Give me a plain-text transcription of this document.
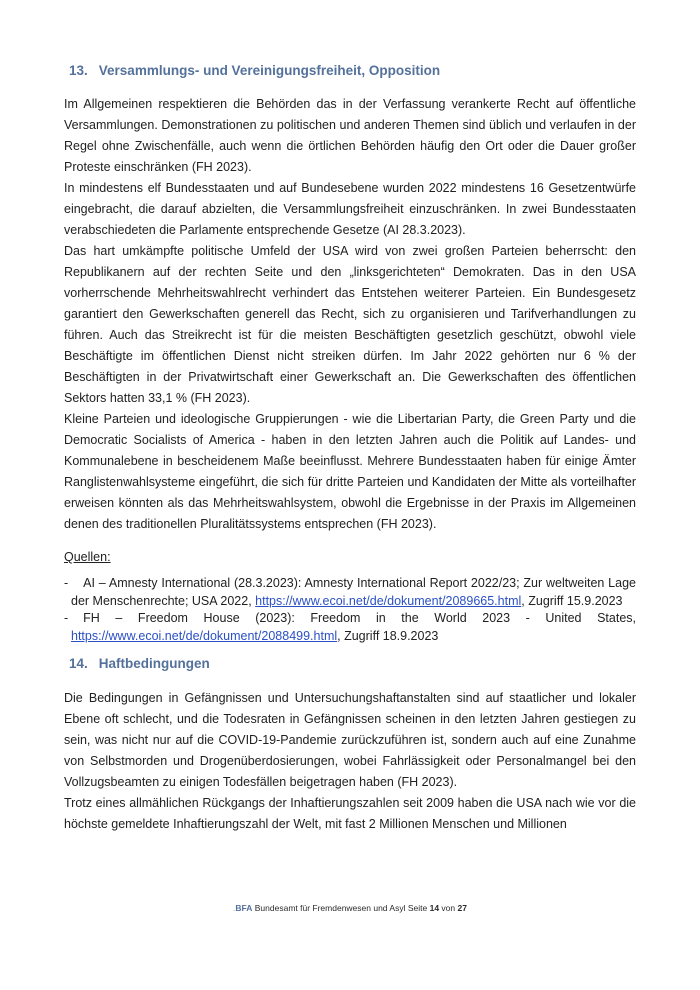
13. Versammlungs- und Vereinigungsfreiheit, Opposition

Im Allgemeinen respektieren die Behörden das in der Verfassung verankerte Recht auf öffentliche Versammlungen. Demonstrationen zu politischen und anderen Themen sind üblich und verlaufen in der Regel ohne Zwischenfälle, auch wenn die örtlichen Behörden häufig den Ort oder die Dauer großer Proteste einschränken (FH 2023).

In mindestens elf Bundesstaaten und auf Bundesebene wurden 2022 mindestens 16 Gesetzentwürfe eingebracht, die darauf abzielten, die Versammlungsfreiheit einzuschränken. In zwei Bundesstaaten verabschiedeten die Parlamente entsprechende Gesetze (AI 28.3.2023).

Das hart umkämpfte politische Umfeld der USA wird von zwei großen Parteien beherrscht: den Republikanern auf der rechten Seite und den „linksgerichteten“ Demokraten. Das in den USA vorherrschende Mehrheitswahlrecht verhindert das Entstehen weiterer Parteien. Ein Bundesgesetz garantiert den Gewerkschaften generell das Recht, sich zu organisieren und Tarifverhandlungen zu führen. Auch das Streikrecht ist für die meisten Beschäftigten gesetzlich geschützt, obwohl viele Beschäftigte im öffentlichen Dienst nicht streiken dürfen. Im Jahr 2022 gehörten nur 6 % der Beschäftigten in der Privatwirtschaft einer Gewerkschaft an. Die Gewerkschaften des öffentlichen Sektors hatten 33,1 % (FH 2023).

Kleine Parteien und ideologische Gruppierungen - wie die Libertarian Party, die Green Party und die Democratic Socialists of America - haben in den letzten Jahren auch die Politik auf Landes- und Kommunalebene in bescheidenem Maße beeinflusst. Mehrere Bundesstaaten haben für einige Ämter Ranglistenwahlsysteme eingeführt, die sich für dritte Parteien und Kandidaten der Mitte als vorteilhafter erweisen könnten als das Mehrheitswahlsystem, obwohl die Ergebnisse in der Praxis im Allgemeinen denen des traditionellen Pluralitätssystems entsprechen (FH 2023).

Quellen:

- AI – Amnesty International (28.3.2023): Amnesty International Report 2022/23; Zur weltweiten Lage der Menschenrechte; USA 2022, https://www.ecoi.net/de/dokument/2089665.html, Zugriff 15.9.2023

- FH – Freedom House (2023): Freedom in the World 2023 - United States, https://www.ecoi.net/de/dokument/2088499.html, Zugriff 18.9.2023

14. Haftbedingungen

Die Bedingungen in Gefängnissen und Untersuchungshaftanstalten sind auf staatlicher und lokaler Ebene oft schlecht, und die Todesraten in Gefängnissen scheinen in den letzten Jahren gestiegen zu sein, was nicht nur auf die COVID-19-Pandemie zurückzuführen ist, sondern auch auf eine Zunahme von Selbstmorden und Drogenüberdosierungen, wobei Fahrlässigkeit oder Personalmangel bei den Vollzugsbeamten zu einigen Todesfällen beigetragen haben (FH 2023).

Trotz eines allmählichen Rückgangs der Inhaftierungszahlen seit 2009 haben die USA nach wie vor die höchste gemeldete Inhaftierungszahl der Welt, mit fast 2 Millionen Menschen und Millionen

.BFA Bundesamt für Fremdenwesen und Asyl Seite 14 von 27
